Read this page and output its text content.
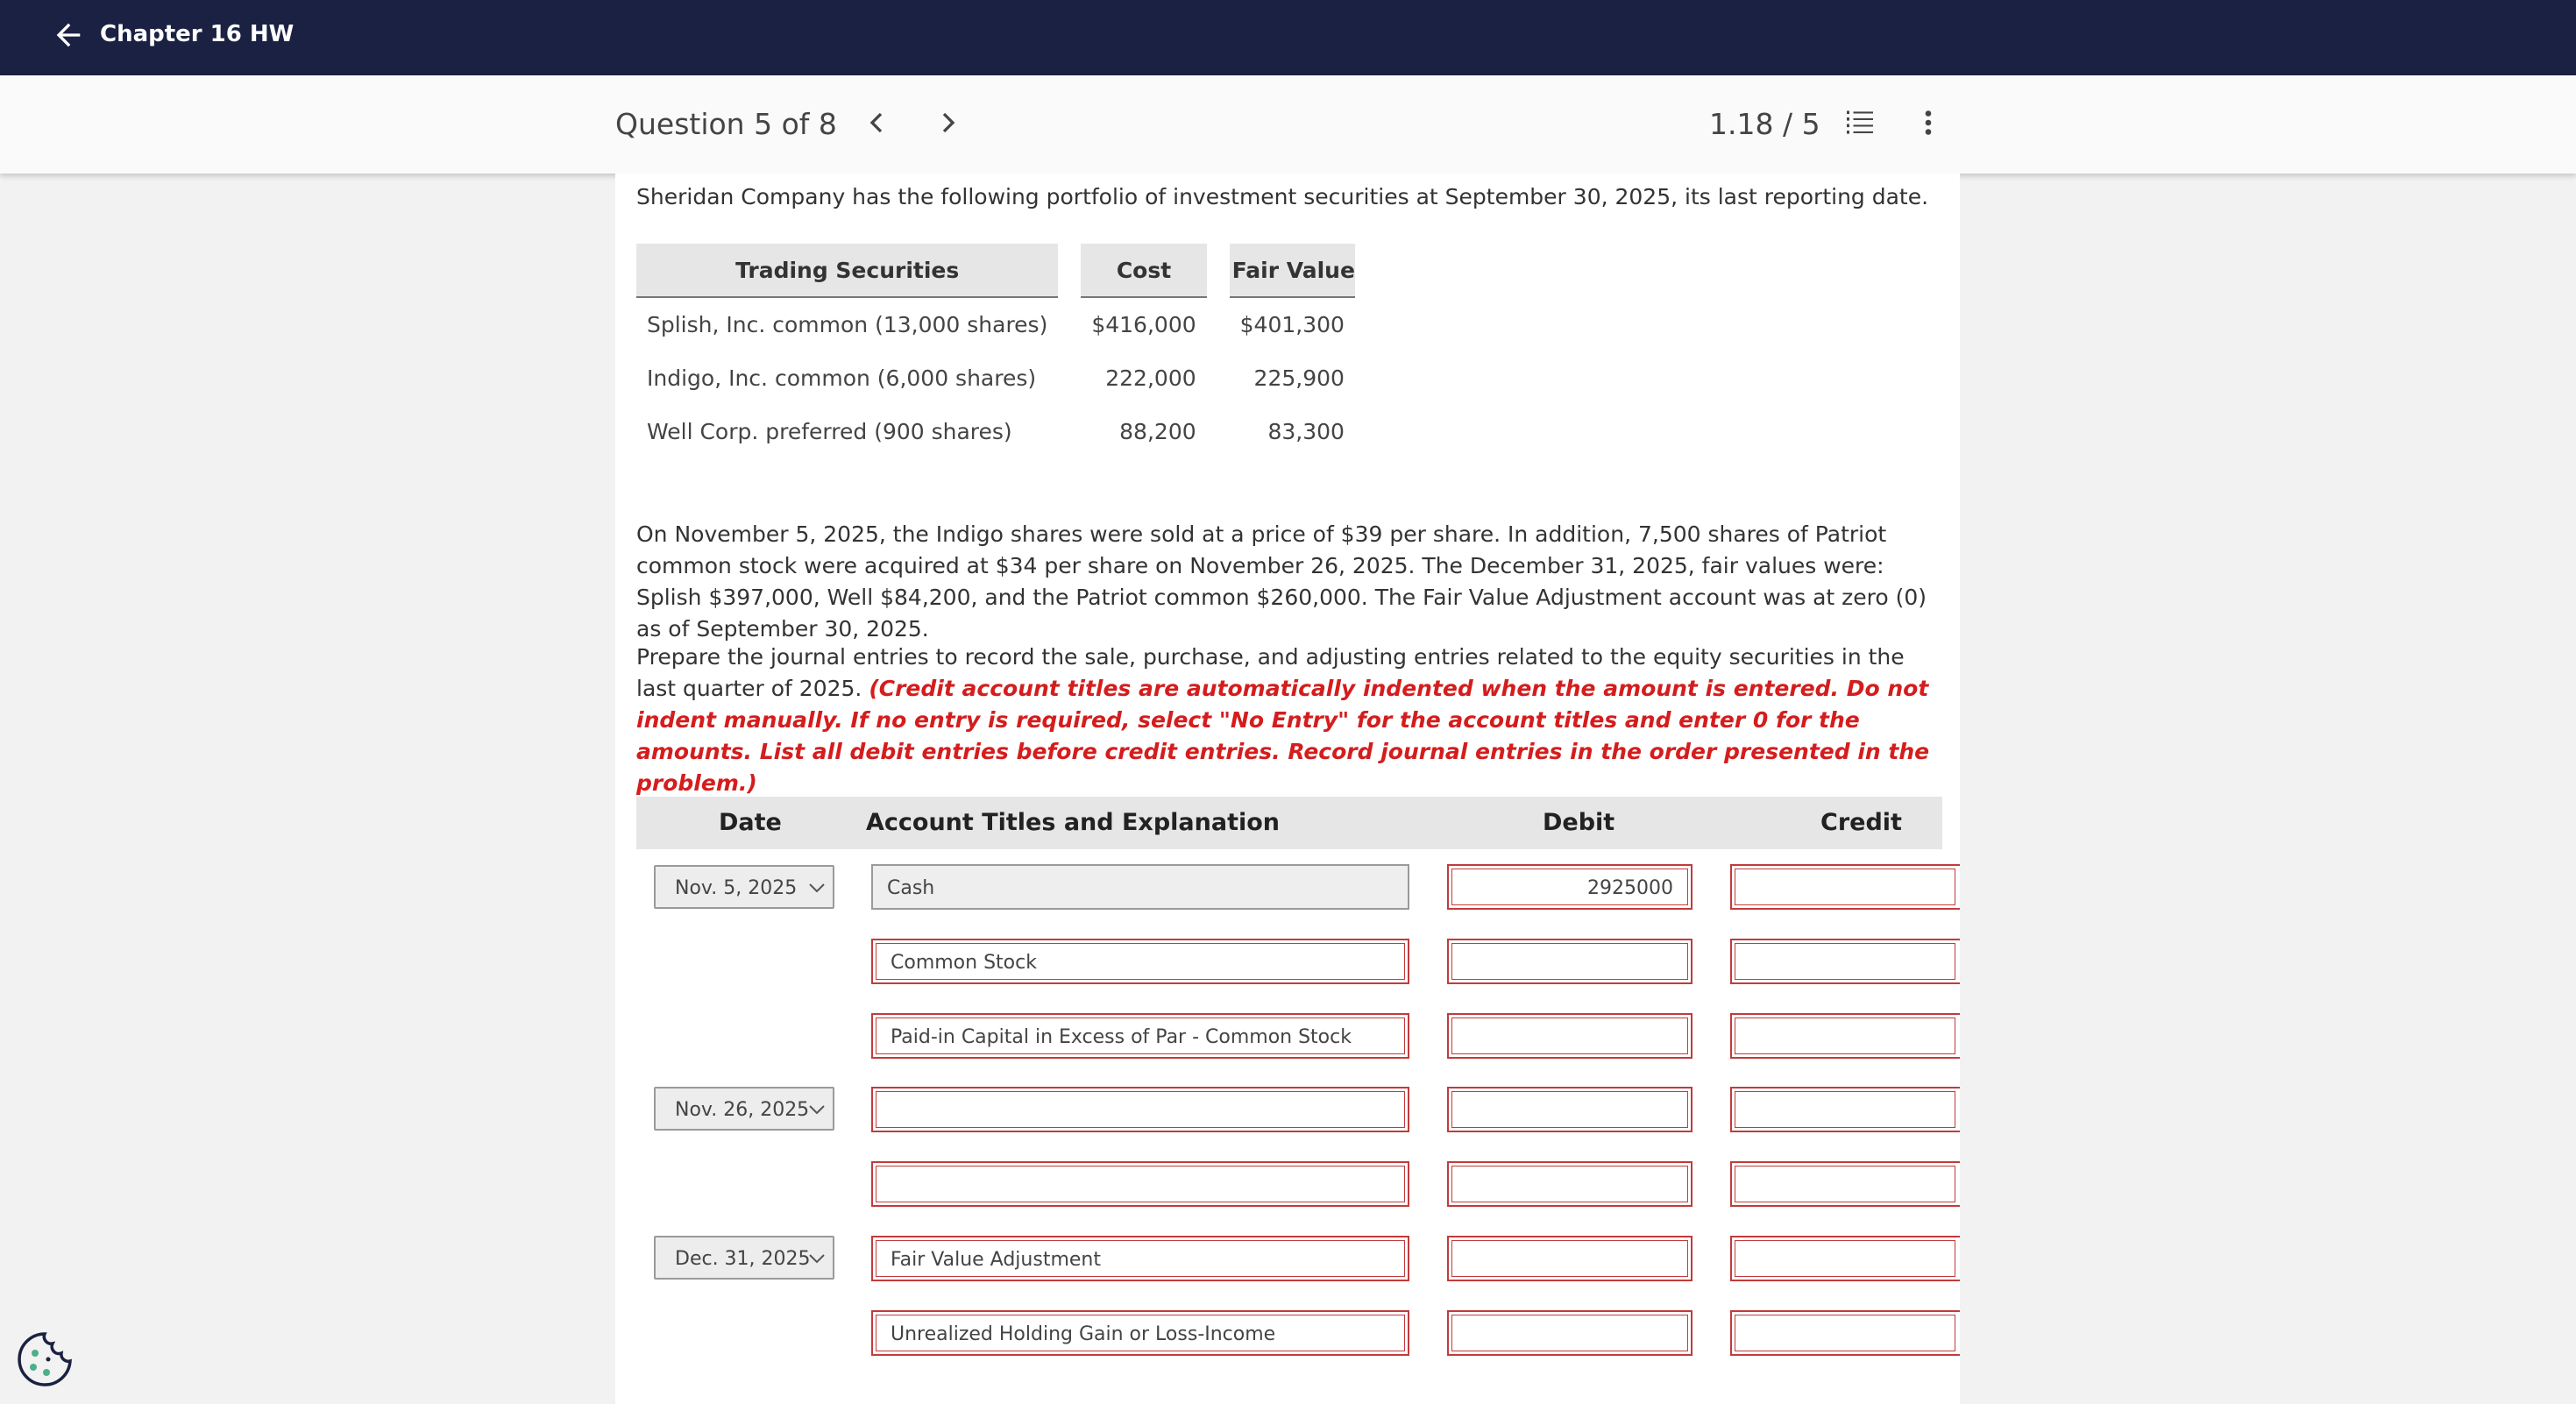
Chapter 16 HW
Question 5 of 8	1.18 / 5
Sheridan Company has the following portfolio of investment securities at September 30, 2025, its last reporting date.
Trading Securities		Cost		Fair Value
Splish, Inc. common (13,000 shares)		$416,000		$401,300
Indigo, Inc. common (6,000 shares)		222,000		225,900
Well Corp. preferred (900 shares)		88,200		83,300
On November 5, 2025, the Indigo shares were sold at a price of $39 per share. In addition, 7,500 shares of Patriot common stock were acquired at $34 per share on November 26, 2025. The December 31, 2025, fair values were: Splish $397,000, Well $84,200, and the Patriot common $260,000. The Fair Value Adjustment account was at zero (0) as of September 30, 2025.
Prepare the journal entries to record the sale, purchase, and adjusting entries related to the equity securities in the last quarter of 2025. (Credit account titles are automatically indented when the amount is entered. Do not indent manually. If no entry is required, select "No Entry" for the account titles and enter 0 for the amounts. List all debit entries before credit entries. Record journal entries in the order presented in the problem.)
Date	Account Titles and Explanation	Debit	Credit
Nov. 5, 2025	Cash	2925000
Common Stock
Paid-in Capital in Excess of Par - Common Stock
Nov. 26, 2025
Dec. 31, 2025	Fair Value Adjustment
Unrealized Holding Gain or Loss-Income
